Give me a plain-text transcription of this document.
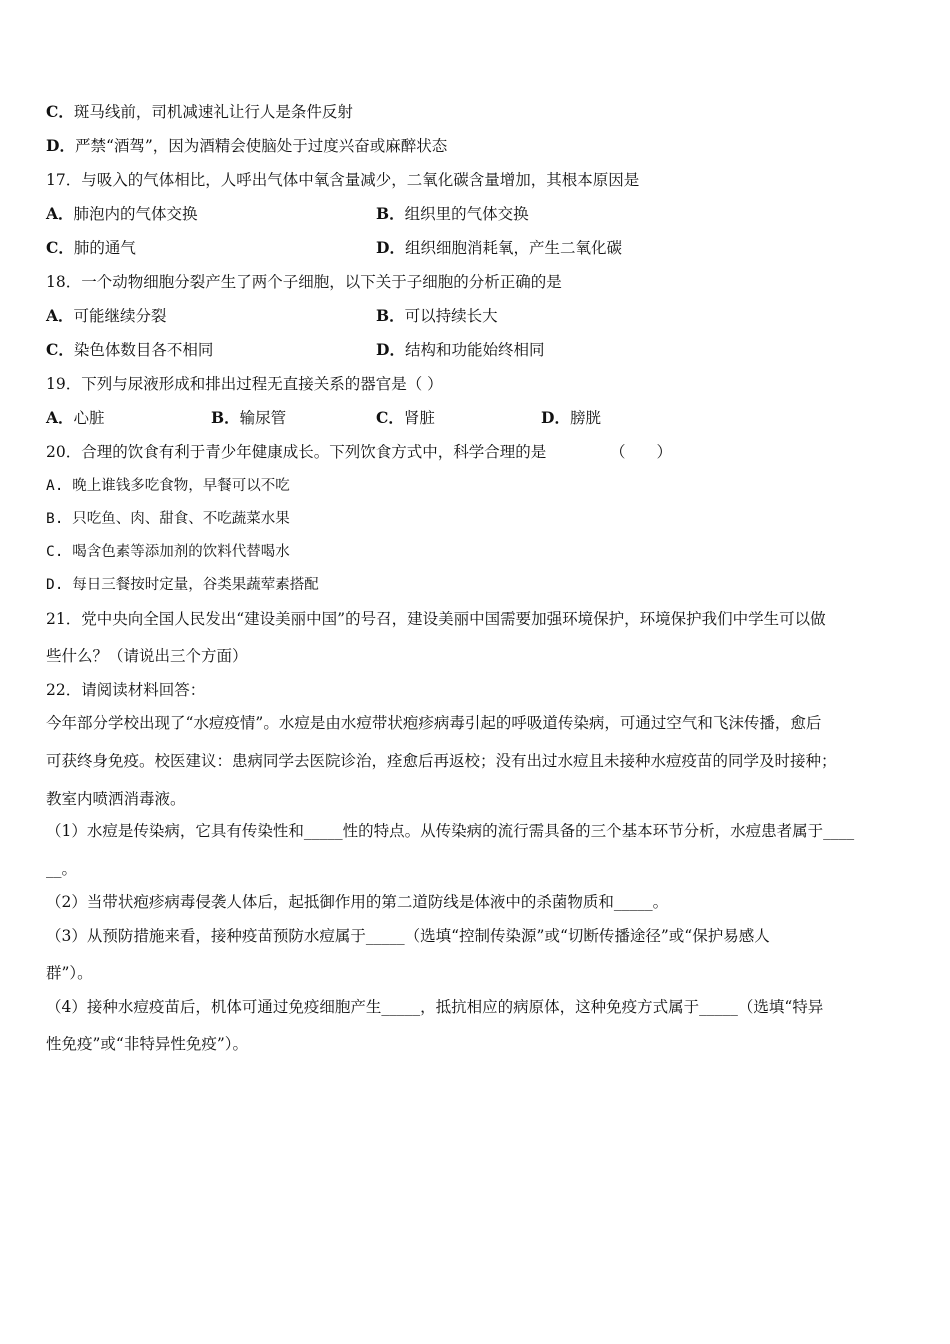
C．斑马线前，司机减速礼让行人是条件反射
D．严禁“酒驾”，因为酒精会使脑处于过度兴奋或麻醉状态
17．与吸入的气体相比，人呼出气体中氧含量减少，二氧化碳含量增加，其根本原因是
A．肺泡内的气体交换	B．组织里的气体交换
C．肺的通气	D．组织细胞消耗氧，产生二氧化碳
18．一个动物细胞分裂产生了两个子细胞，以下关于子细胞的分析正确的是
A．可能继续分裂	B．可以持续长大
C．染色体数目各不相同	D．结构和功能始终相同
19．下列与尿液形成和排出过程无直接关系的器官是（ ）
A．心脏	B．输尿管	C．肾脏	D．膀胱
20．合理的饮食有利于青少年健康成长。下列饮食方式中，科学合理的是	（　　）
A. 晚上谁钱多吃食物，早餐可以不吃
B. 只吃鱼、肉、甜食、不吃蔬菜水果
C. 喝含色素等添加剂的饮料代替喝水
D. 每日三餐按时定量，谷类果蔬荤素搭配
21．党中央向全国人民发出“建设美丽中国”的号召，建设美丽中国需要加强环境保护，环境保护我们中学生可以做
些什么？（请说出三个方面）
22．请阅读材料回答：
今年部分学校出现了“水痘疫情”。水痘是由水痘带状疱疹病毒引起的呼吸道传染病，可通过空气和飞沫传播，愈后
可获终身免疫。校医建议：患病同学去医院诊治，痊愈后再返校；没有出过水痘且未接种水痘疫苗的同学及时接种；
教室内喷洒消毒液。
（1）水痘是传染病，它具有传染性和_____性的特点。从传染病的流行需具备的三个基本环节分析，水痘患者属于____
__。
（2）当带状疱疹病毒侵袭人体后，起抵御作用的第二道防线是体液中的杀菌物质和_____。
（3）从预防措施来看，接种疫苗预防水痘属于_____（选填“控制传染源”或“切断传播途径”或“保护易感人
群”）。
（4）接种水痘疫苗后，机体可通过免疫细胞产生_____，抵抗相应的病原体，这种免疫方式属于_____（选填“特异
性免疫”或“非特异性免疫”）。
